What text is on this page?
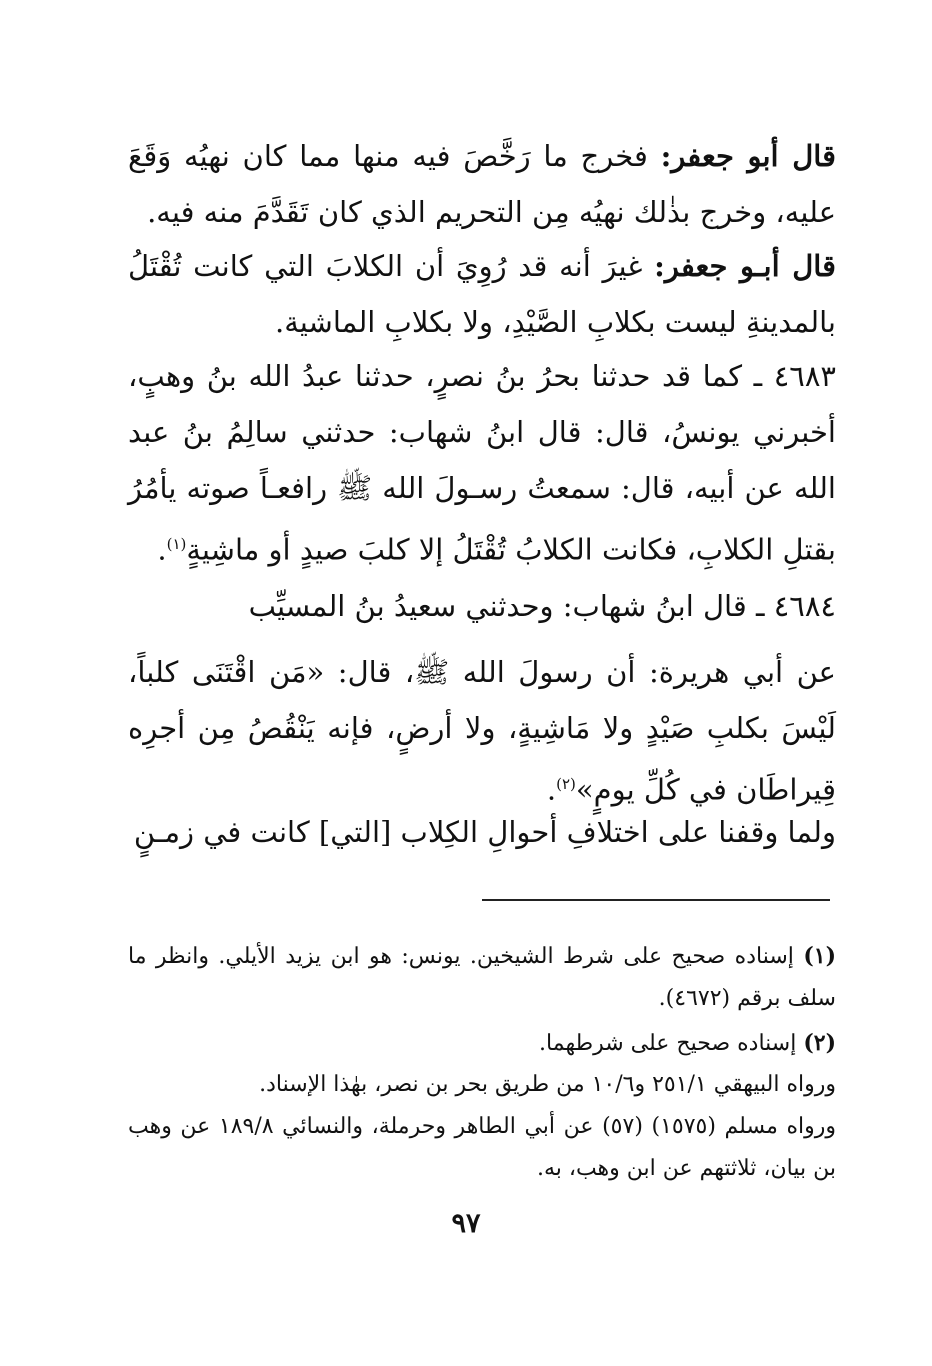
قال أبو جعفر: فخرج ما رَخَّصَ فيه منها مما كان نهيُه وَقَعَ عليه، وخرج بذٰلك نهيُه مِن التحريم الذي كان تَقَدَّمَ منه فيه.

قال أبـو جعفر: غيرَ أنه قد رُوِيَ أن الكلابَ التي كانت تُقْتَلُ بالمدينةِ ليست بكلابِ الصَّيْدِ، ولا بكلابِ الماشية.

٤٦٨٣ ـ كما قد حدثنا بحرُ بنُ نصرٍ، حدثنا عبدُ الله بنُ وهبٍ، أخبرني يونسُ، قال: قال ابنُ شهاب: حدثني سالِمُ بنُ عبد الله عن أبيه، قال: سمعتُ رسـولَ الله ﷺ رافعـاً صوته يأمُرُ بقتلِ الكلابِ، فكانت الكلابُ تُقْتَلُ إلا كلبَ صيدٍ أو ماشِيةٍ$^{(١)}$.

٤٦٨٤ ـ قال ابنُ شهاب: وحدثني سعيدُ بنُ المسيِّب

عن أبي هريرة: أن رسولَ الله ﷺ، قال: «مَن اقْتَنَى كلباً، لَيْسَ بكلبِ صَيْدٍ ولا مَاشِيةٍ، ولا أرضٍ، فإنه يَنْقُصُ مِن أجرِه قِيراطَان في كُلِّ يومٍ»$^{(٢)}$.

ولما وقفنا على اختلافِ أحوالِ الكِلاب [التي] كانت في زمـنٍ

(١) إسناده صحيح على شرط الشيخين. يونس: هو ابن يزيد الأيلي. وانظر ما سلف برقم (٤٦٧٢).

(٢) إسناده صحيح على شرطهما.

ورواه البيهقي ٢٥١/١ و١٠/٦ من طريق بحر بن نصر، بهٰذا الإسناد.

ورواه مسلم (١٥٧٥) (٥٧) عن أبي الطاهر وحرملة، والنسائي ١٨٩/٨ عن وهب بن بيان، ثلاثتهم عن ابن وهب، به.

٩٧
